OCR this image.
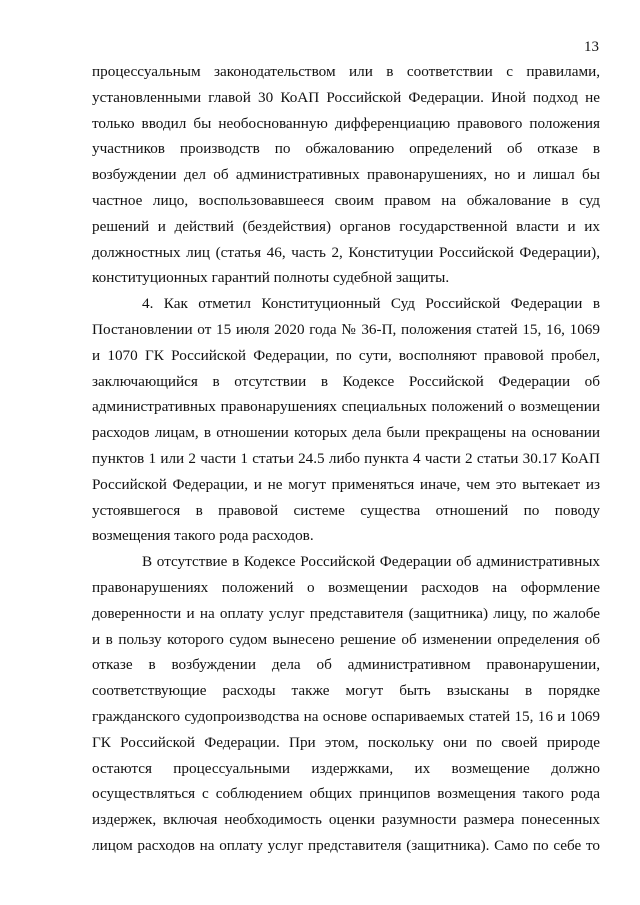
13
процессуальным законодательством или в соответствии с правилами,
установленными главой 30 КоАП Российской Федерации. Иной подход не
только вводил бы необоснованную дифференциацию правового положения
участников производств по обжалованию определений об отказе в
возбуждении дел об административных правонарушениях, но и лишал бы
частное лицо, воспользовавшееся своим правом на обжалование в суд
решений и действий (бездействия) органов государственной власти и их
должностных лиц (статья 46, часть 2, Конституции Российской Федерации),
конституционных гарантий полноты судебной защиты.
4. Как отметил Конституционный Суд Российской Федерации в
Постановлении от 15 июля 2020 года № 36-П, положения статей 15, 16, 1069
и 1070 ГК Российской Федерации, по сути, восполняют правовой пробел,
заключающийся в отсутствии в Кодексе Российской Федерации об
административных правонарушениях специальных положений о возмещении
расходов лицам, в отношении которых дела были прекращены на основании
пунктов 1 или 2 части 1 статьи 24.5 либо пункта 4 части 2 статьи 30.17 КоАП
Российской Федерации, и не могут применяться иначе, чем это вытекает из
устоявшегося в правовой системе существа отношений по поводу
возмещения такого рода расходов.
В отсутствие в Кодексе Российской Федерации об административных
правонарушениях положений о возмещении расходов на оформление
доверенности и на оплату услуг представителя (защитника) лицу, по жалобе
и в пользу которого судом вынесено решение об изменении определения об
отказе в возбуждении дела об административном правонарушении,
соответствующие расходы также могут быть взысканы в порядке
гражданского судопроизводства на основе оспариваемых статей 15, 16 и 1069
ГК Российской Федерации. При этом, поскольку они по своей природе
остаются процессуальными издержками, их возмещение должно
осуществляться с соблюдением общих принципов возмещения такого рода
издержек, включая необходимость оценки разумности размера понесенных
лицом расходов на оплату услуг представителя (защитника). Само по себе то
